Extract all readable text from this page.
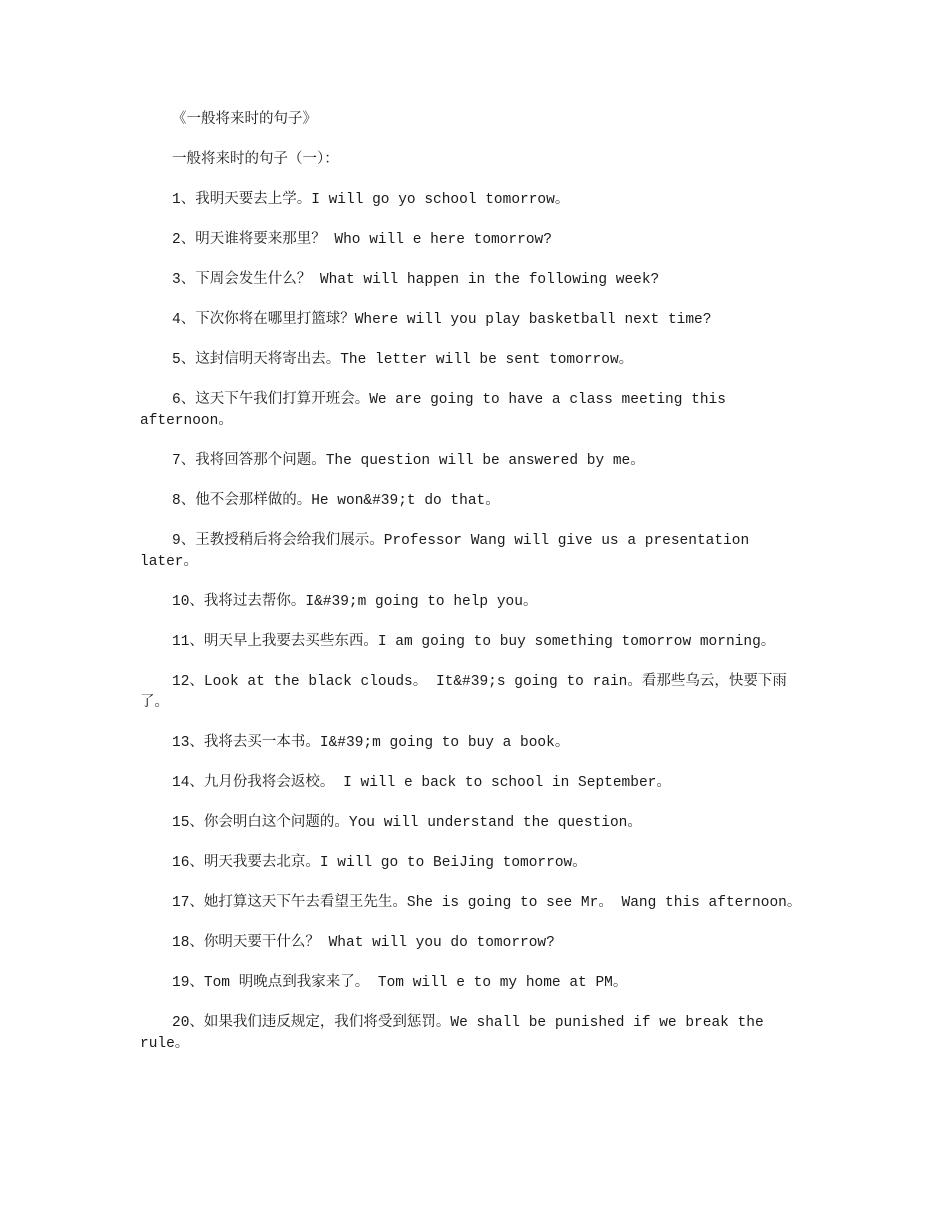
《一般将来时的句子》

一般将来时的句子（一）：

1、我明天要去上学。I will go yo school tomorrow。

2、明天谁将要来那里？ Who will e here tomorrow?

3、下周会发生什么？ What will happen in the following week?

4、下次你将在哪里打篮球？Where will you play basketball next time?

5、这封信明天将寄出去。The letter will be sent tomorrow。

6、这天下午我们打算开班会。We are going to have a class meeting this afternoon。

7、我将回答那个问题。The question will be answered by me。

8、他不会那样做的。He won&#39;t do that。

9、王教授稍后将会给我们展示。Professor Wang will give us a presentation later。

10、我将过去帮你。I&#39;m going to help you。

11、明天早上我要去买些东西。I am going to buy something tomorrow morning。

12、Look at the black clouds。 It&#39;s going to rain。看那些乌云，快要下雨了。

13、我将去买一本书。I&#39;m going to buy a book。

14、九月份我将会返校。 I will e back to school in September。

15、你会明白这个问题的。You will understand the question。

16、明天我要去北京。I will go to BeiJing tomorrow。

17、她打算这天下午去看望王先生。She is going to see Mr。 Wang this afternoon。

18、你明天要干什么？ What will you do tomorrow?

19、Tom 明晚点到我家来了。 Tom will e to my home at PM。

20、如果我们违反规定，我们将受到惩罚。We shall be punished if we break the rule。
